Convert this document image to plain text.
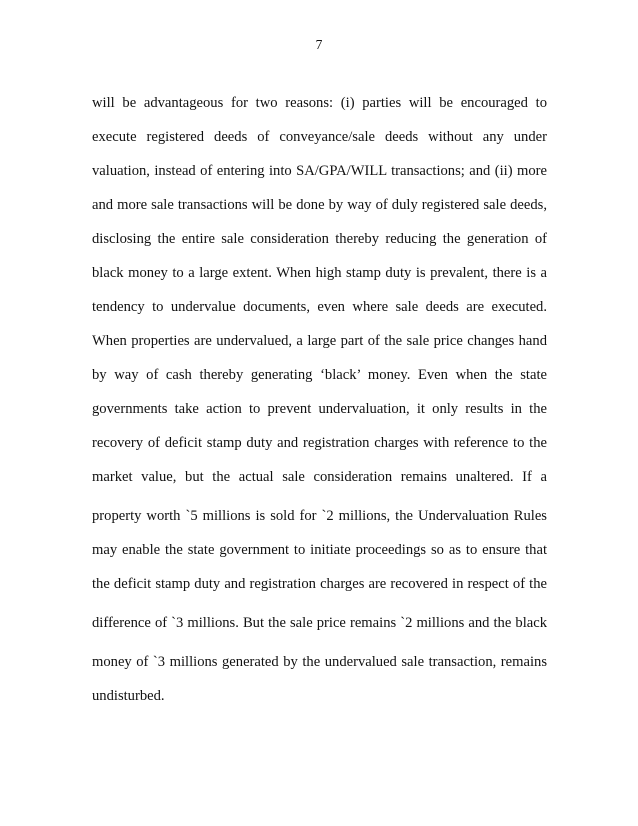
7
will be advantageous for two reasons: (i) parties will be encouraged to
execute registered deeds of conveyance/sale deeds without any under
valuation, instead of entering into SA/GPA/WILL transactions; and (ii) more
and more sale transactions will be done by way of duly registered sale deeds,
disclosing the entire sale consideration thereby reducing the generation of
black money to a large extent. When high stamp duty is prevalent, there is a
tendency to undervalue documents, even where sale deeds are executed.
When properties are undervalued, a large part of the sale price changes hand
by way of cash thereby generating ‘black’ money. Even when the state
governments take action to prevent undervaluation, it only results in the
recovery of deficit stamp duty and registration charges with reference to the
market value, but the actual sale consideration remains unaltered. If a
property worth `5 millions is sold for `2 millions, the Undervaluation Rules
may enable the state government to initiate proceedings so as to ensure that
the deficit stamp duty and registration charges are recovered in respect of the
difference of `3 millions. But the sale price remains `2 millions and the black
money of `3 millions generated by the undervalued sale transaction, remains
undisturbed.
